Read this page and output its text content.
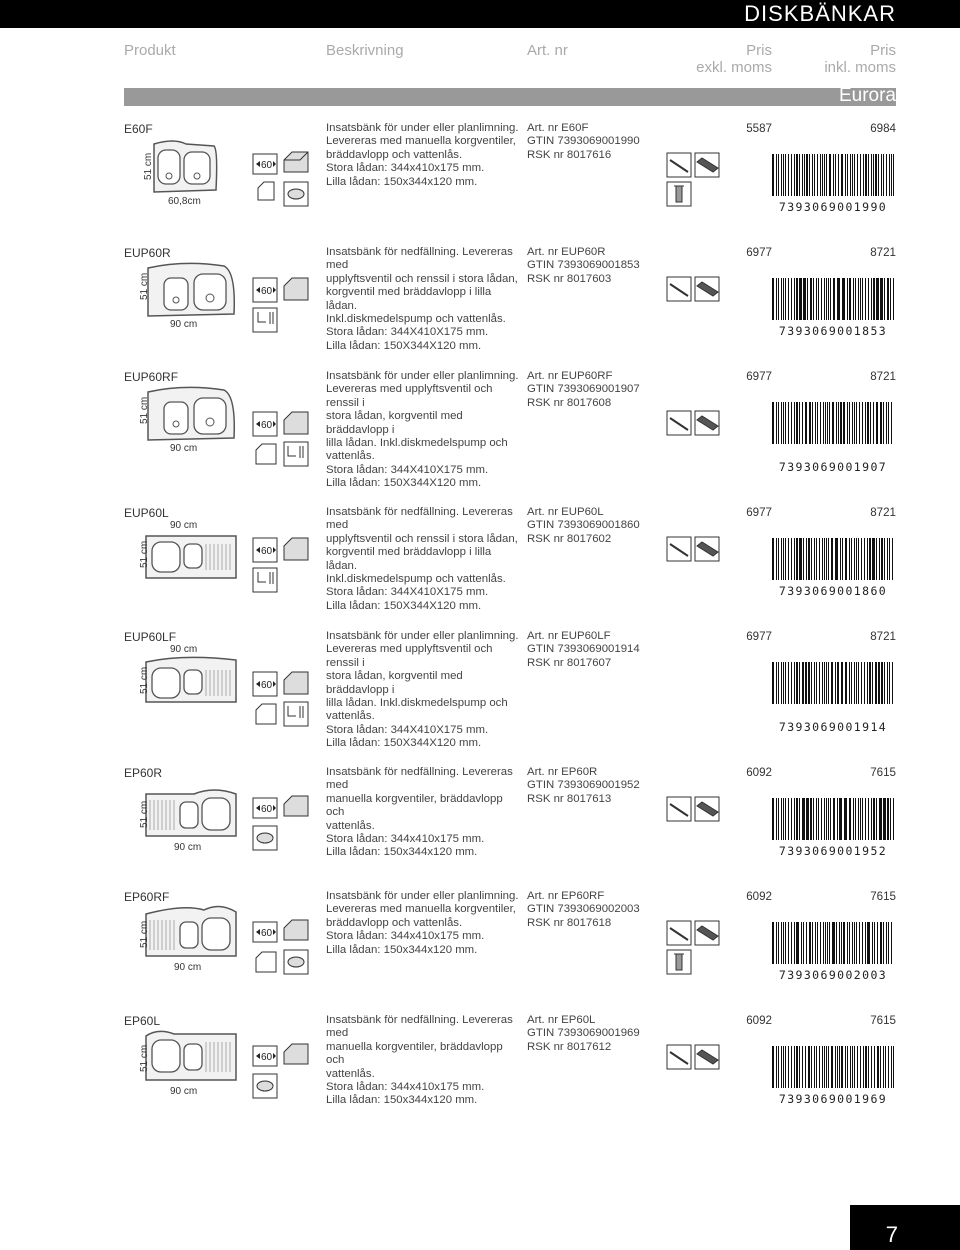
DISKBÄNKAR
Produkt	Beskrivning	Art. nr	Pris
exkl. moms
Pris
inkl. moms
Eurora
E60F	Insatsbänk för under eller planlimning.
Levereras med manuella korgventiler,
bräddavlopp och vattenlås.
Stora lådan: 344x410x175 mm.
Lilla lådan: 150x344x120 mm.
Art. nr E60F
GTIN 7393069001990
RSK nr 8017616
5587	6984
51 cm
60,8cm
60
7393069001990
EUP60R	Insatsbänk för nedfällning. Levereras med
upplyftsventil och renssil i stora lådan,
korgventil med bräddavlopp i lilla lådan.
Inkl.diskmedelspump och vattenlås.
Stora lådan: 344X410X175 mm.
Lilla lådan: 150X344X120 mm.
Art. nr EUP60R
GTIN 7393069001853
RSK nr 8017603
6977	8721
51 cm
90 cm
60
7393069001853
EUP60RF	Insatsbänk för under eller planlimning.
Levereras med upplyftsventil och renssil i
stora lådan, korgventil med bräddavlopp i
lilla lådan. Inkl.diskmedelspump och
vattenlås.
Stora lådan: 344X410X175 mm.
Lilla lådan: 150X344X120 mm.
Art. nr EUP60RF
GTIN 7393069001907
RSK nr 8017608
6977	8721
51 cm
90 cm
60
7393069001907
EUP60L	Insatsbänk för nedfällning. Levereras med
upplyftsventil och renssil i stora lådan,
korgventil med bräddavlopp i lilla lådan.
Inkl.diskmedelspump och vattenlås.
Stora lådan: 344X410X175 mm.
Lilla lådan: 150X344X120 mm.
Art. nr EUP60L
GTIN 7393069001860
RSK nr 8017602
6977	8721
90 cm
51 cm	60
7393069001860
EUP60LF	Insatsbänk för under eller planlimning.
Levereras med upplyftsventil och renssil i
stora lådan, korgventil med bräddavlopp i
lilla lådan. Inkl.diskmedelspump och
vattenlås.
Stora lådan: 344X410X175 mm.
Lilla lådan: 150X344X120 mm.
Art. nr EUP60LF
GTIN 7393069001914
RSK nr 8017607
6977	8721
90 cm
51 cm	60
7393069001914
EP60R	Insatsbänk för nedfällning. Levereras med
manuella korgventiler, bräddavlopp och
vattenlås.
Stora lådan: 344x410x175 mm.
Lilla lådan: 150x344x120 mm.
Art. nr EP60R
GTIN 7393069001952
RSK nr 8017613
6092	7615
51 cm
90 cm
60
7393069001952
EP60RF	Insatsbänk för under eller planlimning.
Levereras med manuella korgventiler,
bräddavlopp och vattenlås.
Stora lådan: 344x410x175 mm.
Lilla lådan: 150x344x120 mm.
Art. nr EP60RF
GTIN 7393069002003
RSK nr 8017618
6092	7615
51 cm
90 cm
60
7393069002003
EP60L	Insatsbänk för nedfällning. Levereras med
manuella korgventiler, bräddavlopp och
vattenlås.
Stora lådan: 344x410x175 mm.
Lilla lådan: 150x344x120 mm.
Art. nr EP60L
GTIN 7393069001969
RSK nr 8017612
6092	7615
51 cm
90 cm
60
7393069001969
7
